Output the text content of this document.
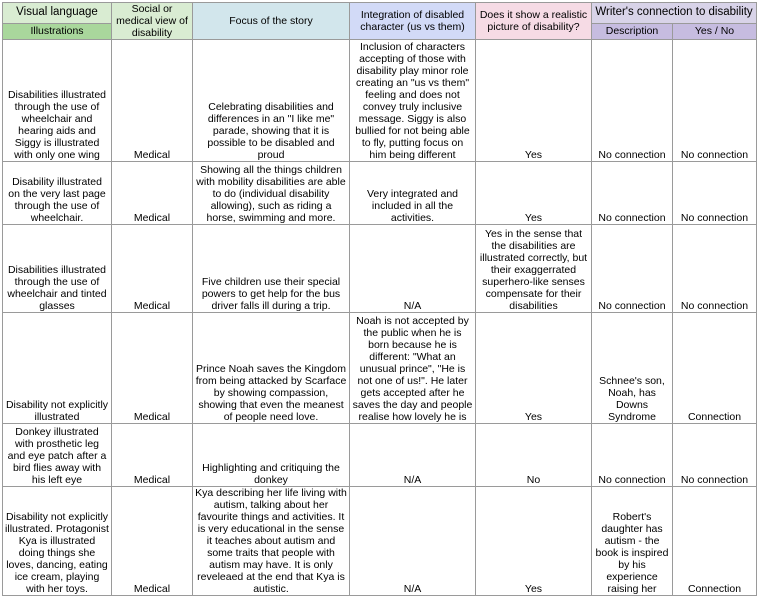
Visual language	Social or medical view of disability	Focus of the story	Integration of disabled character (us vs them)	Does it show a realistic picture of disability?	Writer's connection to disability	
Illustrations					Description	Yes / No
Disabilities illustrated through the use of wheelchair and hearing aids and Siggy is illustrated with only one wing	Medical	Celebrating disabilities and differences in an "I like me" parade, showing that it is possible to be disabled and proud	Inclusion of characters accepting of those with disability play minor role creating an "us vs them" feeling and does not convey truly inclusive message. Siggy is also bullied for not being able to fly, putting focus on him being different	Yes	No connection	No connection
Disability illustrated on the very last page through the use of wheelchair.	Medical	Showing all the things children with mobility disabilities are able to do (individual disability allowing), such as riding a horse, swimming and more.	Very integrated and included in all the activities.	Yes	No connection	No connection
Disabilities illustrated through the use of wheelchair and tinted glasses	Medical	Five children use their special powers to get help for the bus driver falls ill during a trip.	N/A	Yes in the sense that the disabilities are illustrated correctly, but their exaggerrated superhero-like senses compensate for their disabilities	No connection	No connection
Disability not explicitly illustrated	Medical	Prince Noah saves the Kingdom from being attacked by Scarface by showing compassion, showing that even the meanest of people need love.	Noah is not accepted by the public when he is born because he is different: "What an unusual prince", "He is not one of us!". He later gets accepted after he saves the day and people realise how lovely he is	Yes	Schnee's son, Noah, has Downs Syndrome	Connection
Donkey illustrated with prosthetic leg and eye patch after a bird flies away with his left eye	Medical	Highlighting and critiquing the donkey	N/A	No	No connection	No connection
Disability not explicitly illustrated. Protagonist Kya is illustrated doing things she loves, dancing, eating ice cream, playing with her toys.	Medical	Kya describing her life living with autism, talking about her favourite things and activities. It is very educational in the sense it teaches about autism and some traits that people with autism may have. It is only reveleaed at the end that Kya is autistic.	N/A	Yes	Robert's daughter has autism - the book is inspired by his experience raising her	Connection
